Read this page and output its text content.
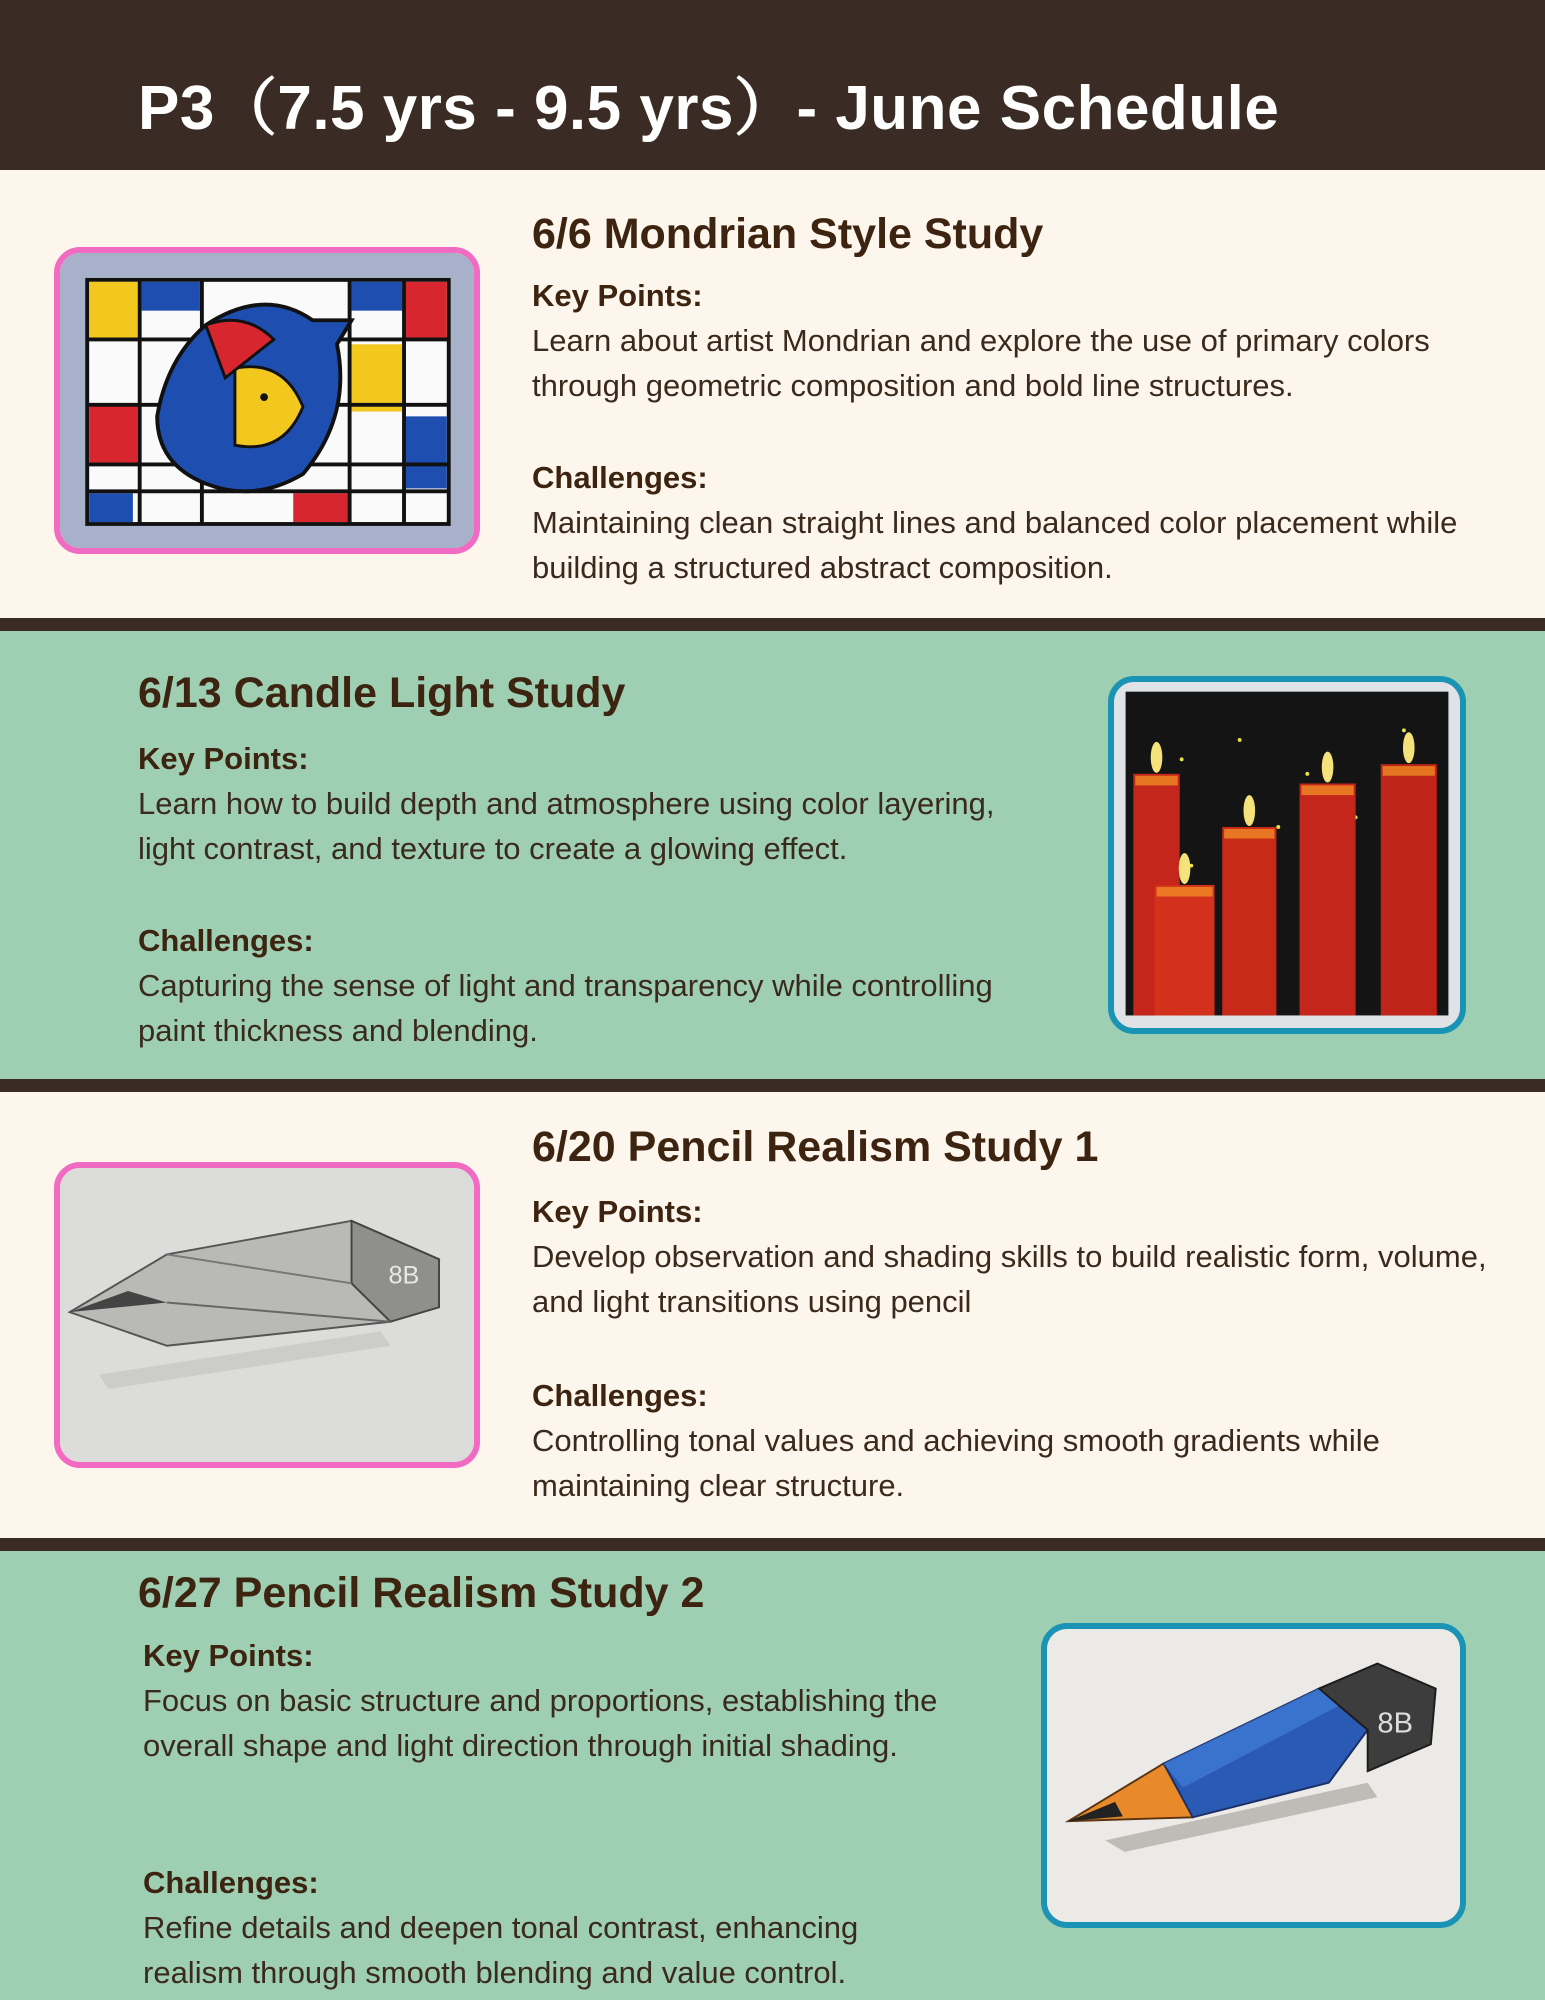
P3（7.5 yrs - 9.5 yrs）- June Schedule

6/6 Mondrian Style Study

Key Points:

Learn about artist Mondrian and explore the use of primary colors through geometric composition and bold line structures.

Challenges:

Maintaining clean straight lines and balanced color placement while building a structured abstract composition.

6/13 Candle Light Study

Key Points:

Learn how to build depth and atmosphere using color layering, light contrast, and texture to create a glowing effect.

Challenges:

Capturing the sense of light and transparency while controlling paint thickness and blending.

8B

6/20 Pencil Realism Study 1

Key Points:

Develop observation and shading skills to build realistic form, volume, and light transitions using pencil

Challenges:

Controlling tonal values and achieving smooth gradients while maintaining clear structure.

6/27 Pencil Realism Study 2

Key Points:

Focus on basic structure and proportions, establishing the overall shape and light direction through initial shading.

Challenges:

Refine details and deepen tonal contrast, enhancing realism through smooth blending and value control.

8B
